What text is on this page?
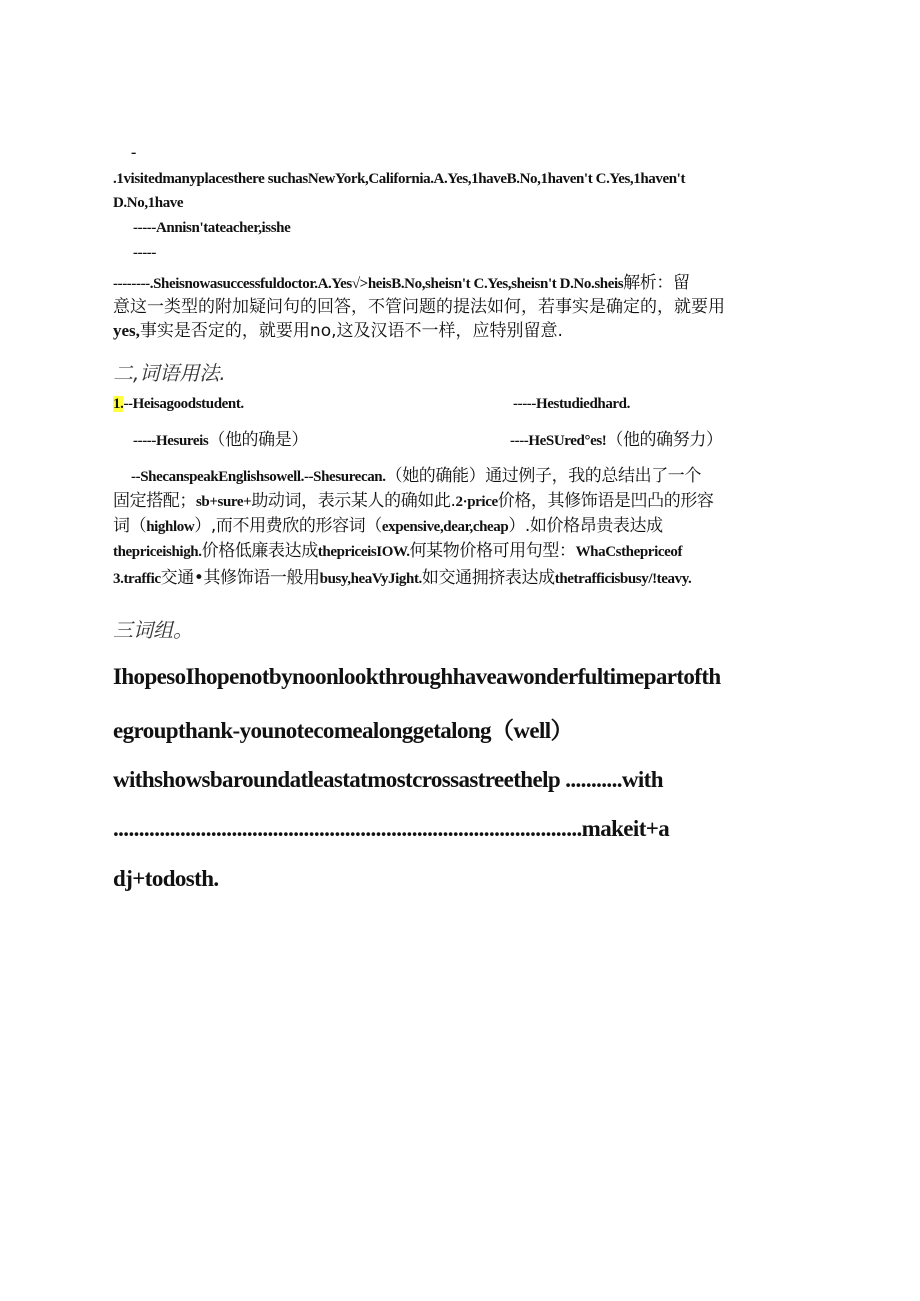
-
.1visitedmanyplacesthere suchasNewYork,California.A.Yes,1haveB.No,1haven't C.Yes,1haven't
D.No,1have
-----Annisn'tateacher,isshe
-----
--------.Sheisnowasuccessfuldoctor.A.Yes√>heisB.No,sheisn't C.Yes,sheisn't D.No.sheis解析：留
意这一类型的附加疑问句的回答，不管问题的提法如何，若事实是确定的，就要用
yes,事实是否定的，就要用no,这及汉语不一样，应特别留意.
二,词语用法.
1.--Heisagoodstudent.	-----Hestudiedhard.
-----Hesureis（他的确是）	----HeSUred°es!（他的确努力）
--ShecanspeakEnglishsowell.--Shesurecan.（她的确能）通过例子，我的总结出了一个
固定搭配；sb+sure+助动词，表示某人的确如此.2·price价格，其修饰语是凹凸的形容
词（highlow）,而不用费欣的形容词（expensive,dear,cheap）.如价格昂贵表达成
thepriceishigh.价格低廉表达成thepriceisIOW.何某物价格可用句型：WhaCsthepriceof
3.traffic交通•其修饰语一般用busy,heaVyJight.如交通拥挤表达成thetrafficisbusy/!teavy.
三词组。
IhopesoIhopenotbynoonlookthroughhaveawonderfultimepartofth
egroupthank-younotecomealonggetalong（well）
withshowsbaroundatleastatmostcrossastreethelp ...........with
...........................................................................................makeit+a
dj+todosth.
